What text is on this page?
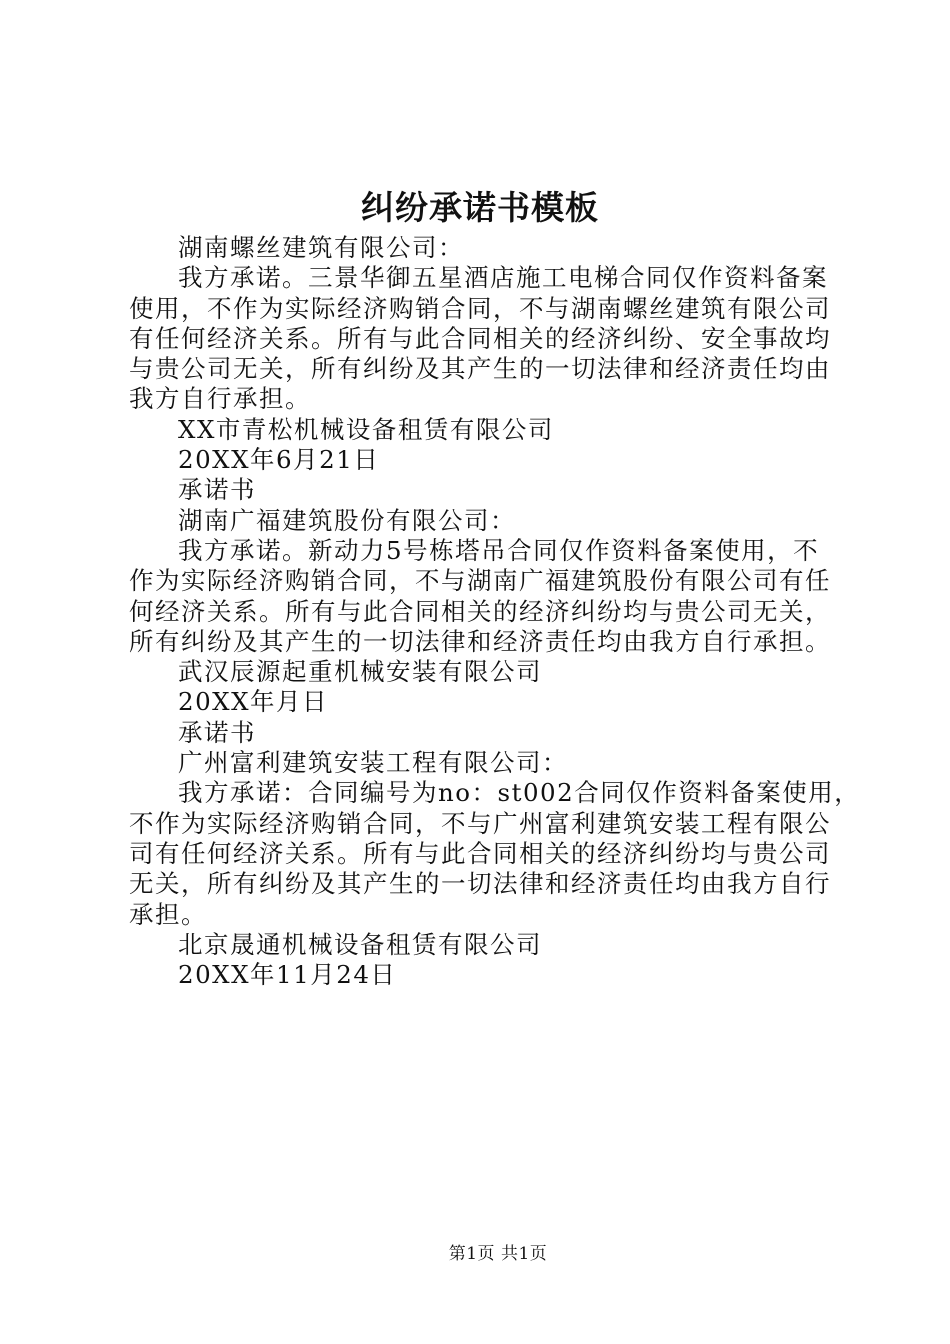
纠纷承诺书模板
湖南螺丝建筑有限公司：
我方承诺。三景华御五星酒店施工电梯合同仅作资料备案
使用，不作为实际经济购销合同，不与湖南螺丝建筑有限公司
有任何经济关系。所有与此合同相关的经济纠纷、安全事故均
与贵公司无关，所有纠纷及其产生的一切法律和经济责任均由
我方自行承担。
XX市青松机械设备租赁有限公司
20XX年6月21日
承诺书
湖南广福建筑股份有限公司：
我方承诺。新动力5号栋塔吊合同仅作资料备案使用，不
作为实际经济购销合同，不与湖南广福建筑股份有限公司有任
何经济关系。所有与此合同相关的经济纠纷均与贵公司无关，
所有纠纷及其产生的一切法律和经济责任均由我方自行承担。
武汉辰源起重机械安装有限公司
20XX年月日
承诺书
广州富利建筑安装工程有限公司：
我方承诺：合同编号为no：st002合同仅作资料备案使用，
不作为实际经济购销合同，不与广州富利建筑安装工程有限公
司有任何经济关系。所有与此合同相关的经济纠纷均与贵公司
无关，所有纠纷及其产生的一切法律和经济责任均由我方自行
承担。
北京晟通机械设备租赁有限公司
20XX年11月24日
第1页 共1页
